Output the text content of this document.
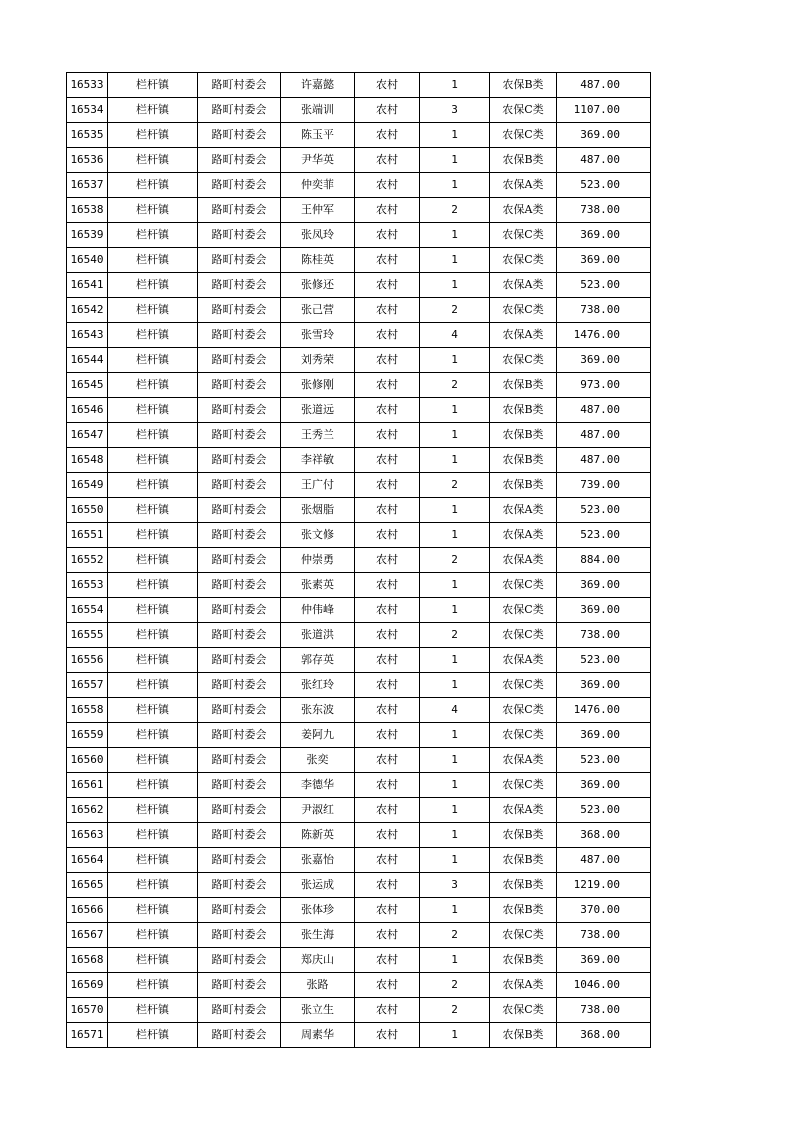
16533	栏杆镇	路町村委会	许嘉懿	农村	1	农保B类	487.00
16534	栏杆镇	路町村委会	张端训	农村	3	农保C类	1107.00
16535	栏杆镇	路町村委会	陈玉平	农村	1	农保C类	369.00
16536	栏杆镇	路町村委会	尹华英	农村	1	农保B类	487.00
16537	栏杆镇	路町村委会	仲奕菲	农村	1	农保A类	523.00
16538	栏杆镇	路町村委会	王仲军	农村	2	农保A类	738.00
16539	栏杆镇	路町村委会	张凤玲	农村	1	农保C类	369.00
16540	栏杆镇	路町村委会	陈桂英	农村	1	农保C类	369.00
16541	栏杆镇	路町村委会	张修还	农村	1	农保A类	523.00
16542	栏杆镇	路町村委会	张己营	农村	2	农保C类	738.00
16543	栏杆镇	路町村委会	张雪玲	农村	4	农保A类	1476.00
16544	栏杆镇	路町村委会	刘秀荣	农村	1	农保C类	369.00
16545	栏杆镇	路町村委会	张修刚	农村	2	农保B类	973.00
16546	栏杆镇	路町村委会	张道远	农村	1	农保B类	487.00
16547	栏杆镇	路町村委会	王秀兰	农村	1	农保B类	487.00
16548	栏杆镇	路町村委会	李祥敏	农村	1	农保B类	487.00
16549	栏杆镇	路町村委会	王广付	农村	2	农保B类	739.00
16550	栏杆镇	路町村委会	张烟脂	农村	1	农保A类	523.00
16551	栏杆镇	路町村委会	张文修	农村	1	农保A类	523.00
16552	栏杆镇	路町村委会	仲崇勇	农村	2	农保A类	884.00
16553	栏杆镇	路町村委会	张素英	农村	1	农保C类	369.00
16554	栏杆镇	路町村委会	仲伟峰	农村	1	农保C类	369.00
16555	栏杆镇	路町村委会	张道洪	农村	2	农保C类	738.00
16556	栏杆镇	路町村委会	郭存英	农村	1	农保A类	523.00
16557	栏杆镇	路町村委会	张红玲	农村	1	农保C类	369.00
16558	栏杆镇	路町村委会	张东波	农村	4	农保C类	1476.00
16559	栏杆镇	路町村委会	姜阿九	农村	1	农保C类	369.00
16560	栏杆镇	路町村委会	张奕	农村	1	农保A类	523.00
16561	栏杆镇	路町村委会	李德华	农村	1	农保C类	369.00
16562	栏杆镇	路町村委会	尹淑红	农村	1	农保A类	523.00
16563	栏杆镇	路町村委会	陈新英	农村	1	农保B类	368.00
16564	栏杆镇	路町村委会	张嘉怡	农村	1	农保B类	487.00
16565	栏杆镇	路町村委会	张运成	农村	3	农保B类	1219.00
16566	栏杆镇	路町村委会	张体珍	农村	1	农保B类	370.00
16567	栏杆镇	路町村委会	张生海	农村	2	农保C类	738.00
16568	栏杆镇	路町村委会	郑庆山	农村	1	农保B类	369.00
16569	栏杆镇	路町村委会	张路	农村	2	农保A类	1046.00
16570	栏杆镇	路町村委会	张立生	农村	2	农保C类	738.00
16571	栏杆镇	路町村委会	周素华	农村	1	农保B类	368.00
